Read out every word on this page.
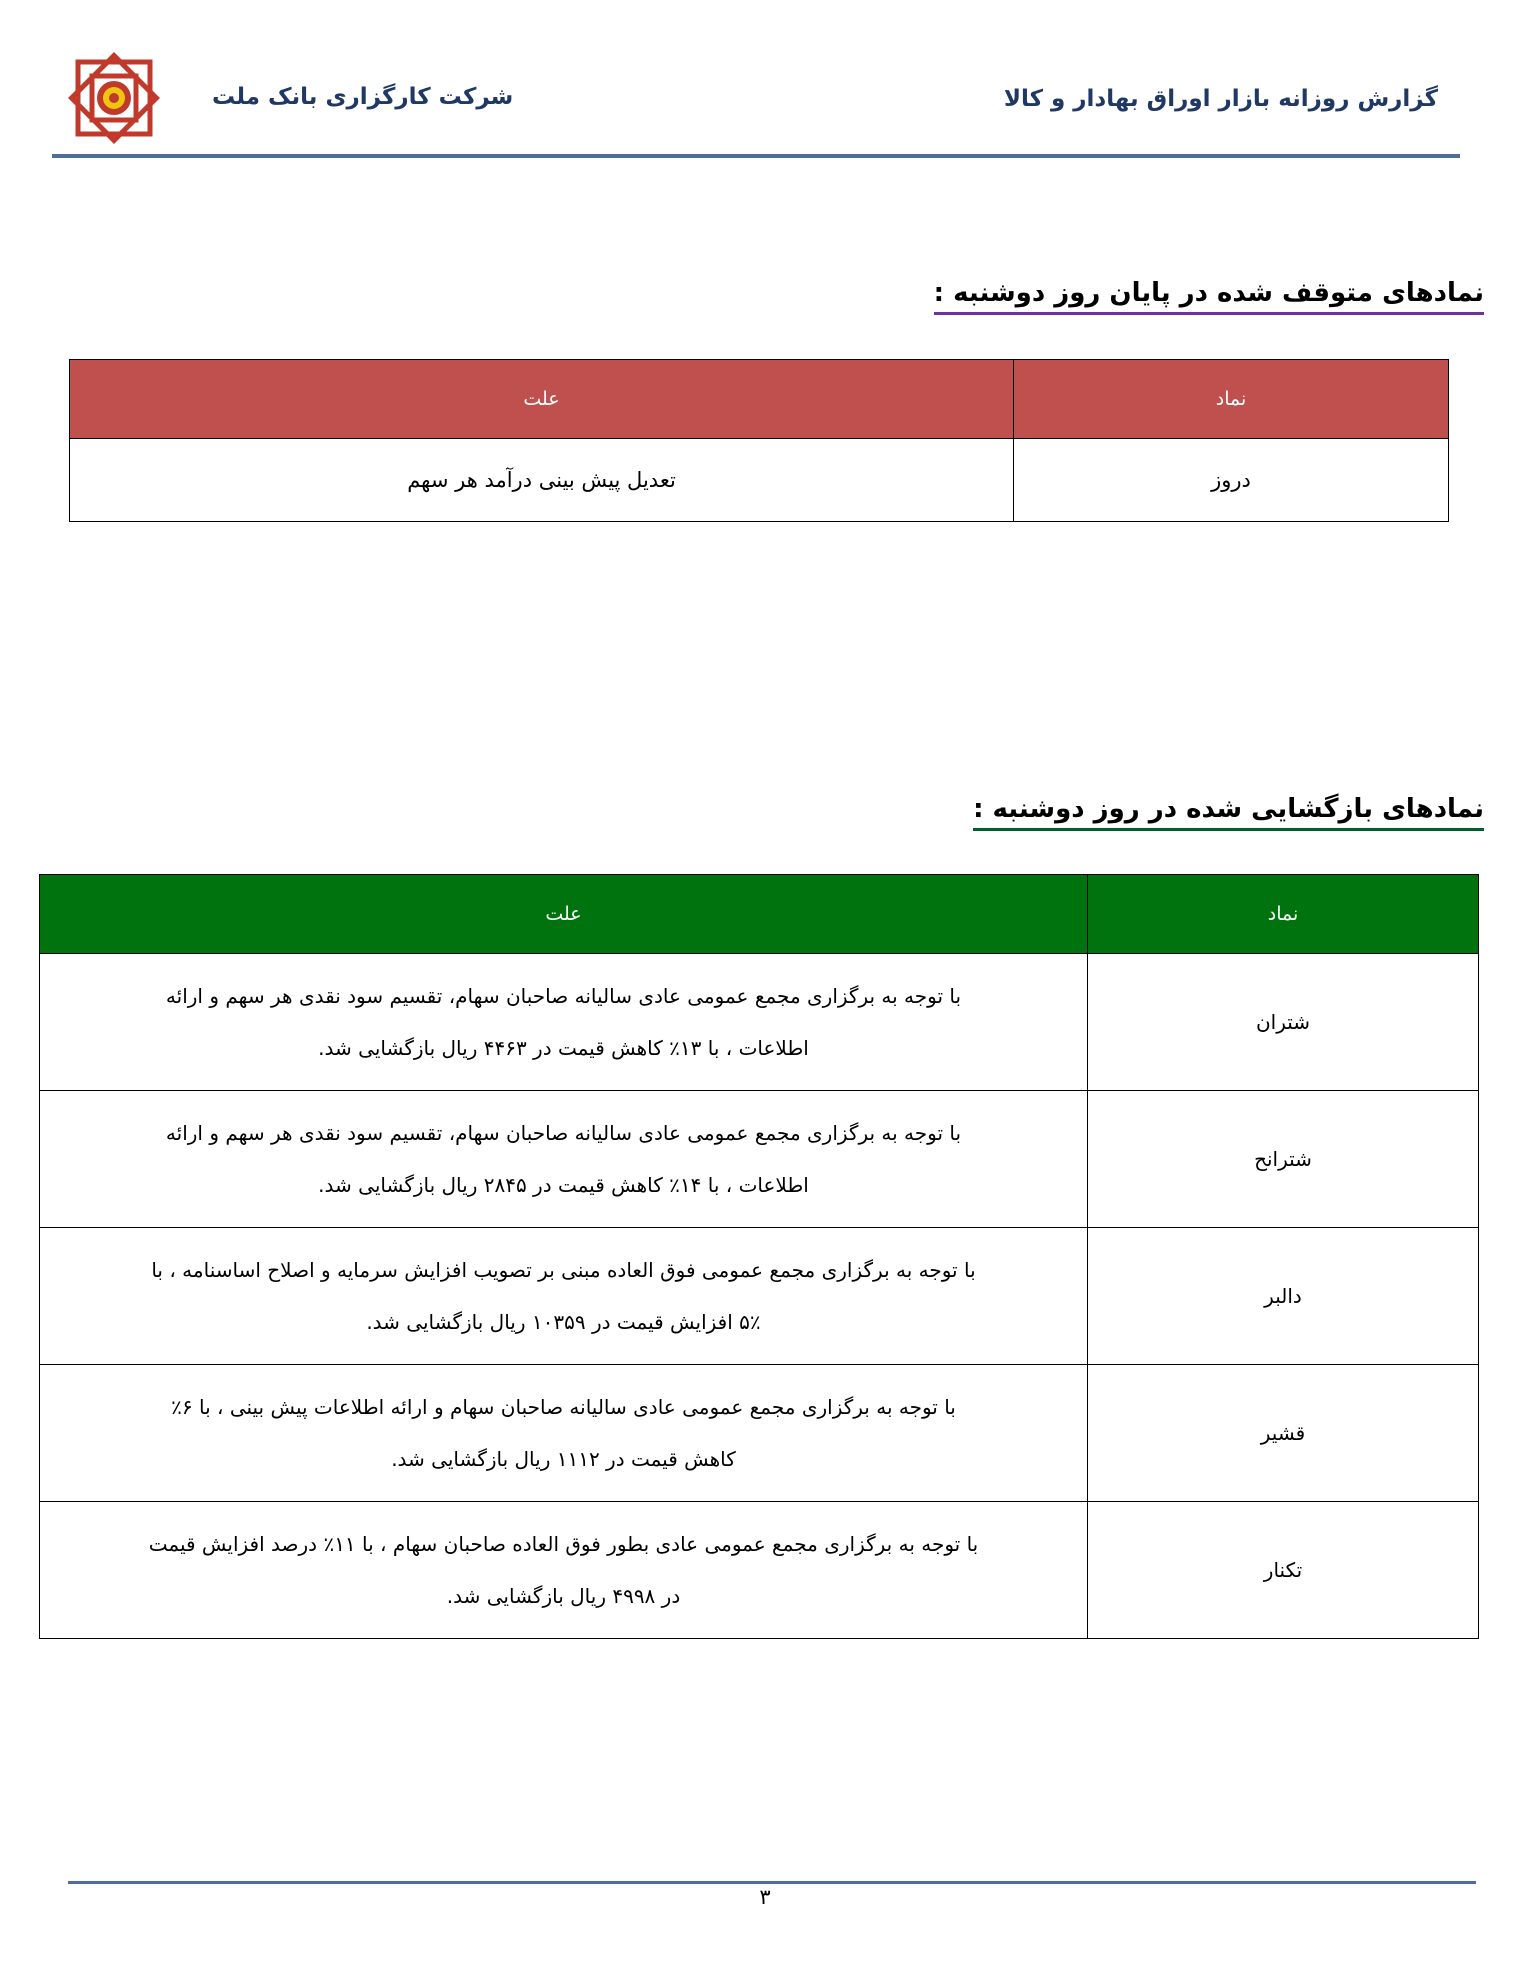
گزارش روزانه بازار اوراق بهادار و کالا
شرکت کارگزاری بانک ملت
نمادهای متوقف شده در پایان روز دوشنبه :
نماد	علت
دروز	تعدیل پیش بینی درآمد هر سهم
نمادهای بازگشایی شده در روز دوشنبه :
نماد	علت
شتران	با توجه به برگزاری مجمع عمومی عادی سالیانه صاحبان سهام، تقسیم سود نقدی هر سهم و ارائه
اطلاعات ، با ۱۳٪ کاهش قیمت در ۴۴۶۳ ریال بازگشایی شد.

شترانح	با توجه به برگزاری مجمع عمومی عادی سالیانه صاحبان سهام، تقسیم سود نقدی هر سهم و ارائه
اطلاعات ، با ۱۴٪ کاهش قیمت در ۲۸۴۵ ریال بازگشایی شد.

دالبر	با توجه به برگزاری مجمع عمومی فوق العاده مبنی بر تصویب افزایش سرمایه و اصلاح اساسنامه ، با
۵٪ افزایش قیمت در ۱۰۳۵۹ ریال بازگشایی شد.

قشیر	با توجه به برگزاری مجمع عمومی عادی سالیانه صاحبان سهام و ارائه اطلاعات پیش بینی ، با ۶٪
کاهش قیمت در ۱۱۱۲ ریال بازگشایی شد.

تکنار	با توجه به برگزاری مجمع عمومی عادی بطور فوق العاده صاحبان سهام ، با ۱۱٪ درصد افزایش قیمت
در ۴۹۹۸ ریال بازگشایی شد.
۳
